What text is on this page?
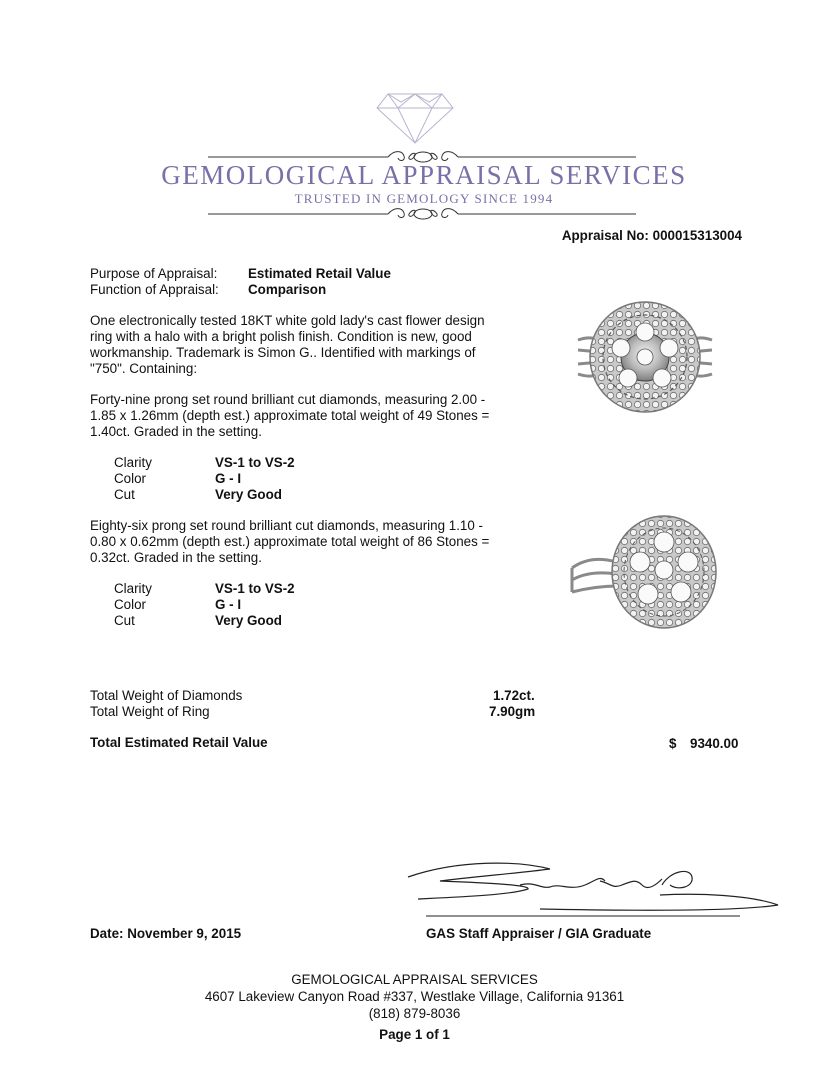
GEMOLOGICAL APPRAISAL SERVICES
TRUSTED IN GEMOLOGY SINCE 1994
Appraisal No: 000015313004
Purpose of Appraisal: Estimated Retail Value
Function of Appraisal: Comparison
One electronically tested 18KT white gold lady's cast flower design ring with a halo with a bright polish finish. Condition is new, good workmanship. Trademark is Simon G.. Identified with markings of "750". Containing:
Forty-nine prong set round brilliant cut diamonds, measuring 2.00 - 1.85 x 1.26mm (depth est.) approximate total weight of 49 Stones = 1.40ct. Graded in the setting.
Clarity	VS-1 to VS-2
Color	G - I
Cut	Very Good
Eighty-six prong set round brilliant cut diamonds, measuring 1.10 - 0.80 x 0.62mm (depth est.) approximate total weight of 86 Stones = 0.32ct. Graded in the setting.
Clarity	VS-1 to VS-2
Color	G - I
Cut	Very Good
Total Weight of Diamonds	1.72ct.
Total Weight of Ring	7.90gm
Total Estimated Retail Value	$ 9340.00
Date: November 9, 2015	GAS Staff Appraiser / GIA Graduate
GEMOLOGICAL APPRAISAL SERVICES
4607 Lakeview Canyon Road #337, Westlake Village, California 91361
(818) 879-8036
Page 1 of 1
